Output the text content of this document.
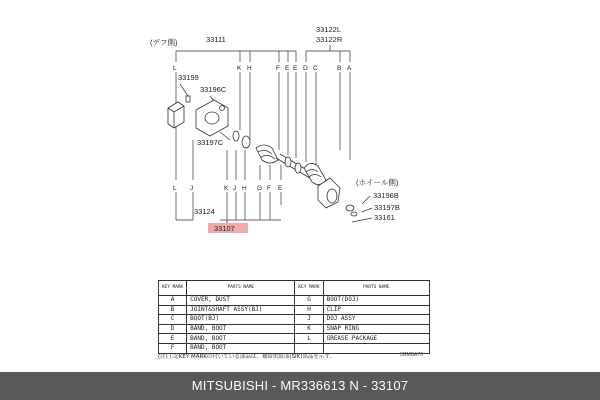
(デフ側)	33111
33122L
33122R
33199
33196C
33197C
(ホイール側)
33196B
33197B
33161
33124
33107
L	K H	F E E D C	B A
L J	K J H G F E
KEY MARK	PARTS NAME	KEY MARK	PARTS NAME
A	COVER, DUST	G	BOOT(DOJ)
B	JOINT&SHAFT ASSY(BJ)	H	CLIP
C	BOOT(BJ)	J	DOJ ASSY
D	BAND, BOOT	K	SNAP RING
E	BAND, BOOT	L	GREASE PACKAGE
F	BAND, BOOT		
(注)上記KEY MARKの付いている部品は、補給供給部(SIK)部品を示す。	3GMBA70
MITSUBISHI - MR336613 N - 33107
